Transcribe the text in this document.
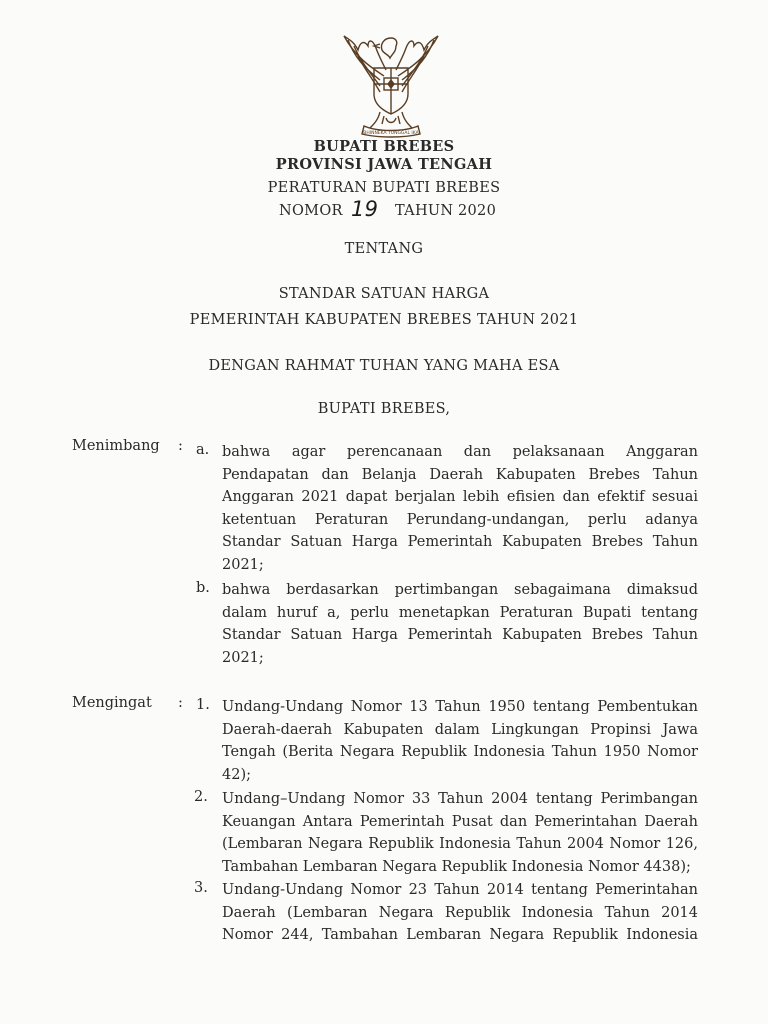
BHINNEKA TUNGGAL IKA
BUPATI BREBES
PROVINSI JAWA TENGAH
PERATURAN BUPATI BREBES
NOMOR 19 TAHUN 2020
TENTANG
STANDAR SATUAN HARGA
PEMERINTAH KABUPATEN BREBES TAHUN 2021
DENGAN RAHMAT TUHAN YANG MAHA ESA
BUPATI BREBES,
Menimbang : a. bahwa agar perencanaan dan pelaksanaan Anggaran
Pendapatan dan Belanja Daerah Kabupaten Brebes Tahun
Anggaran 2021 dapat berjalan lebih efisien dan efektif sesuai
ketentuan Peraturan Perundang-undangan, perlu adanya
Standar Satuan Harga Pemerintah Kabupaten Brebes Tahun
2021;
b. bahwa berdasarkan pertimbangan sebagaimana dimaksud
dalam huruf a, perlu menetapkan Peraturan Bupati tentang
Standar Satuan Harga Pemerintah Kabupaten Brebes Tahun
2021;
Mengingat : 1. Undang-Undang Nomor 13 Tahun 1950 tentang Pembentukan
Daerah-daerah Kabupaten dalam Lingkungan Propinsi Jawa
Tengah (Berita Negara Republik Indonesia Tahun 1950 Nomor
42);
2. Undang–Undang Nomor 33 Tahun 2004 tentang Perimbangan
Keuangan Antara Pemerintah Pusat dan Pemerintahan Daerah
(Lembaran Negara Republik Indonesia Tahun 2004 Nomor 126,
Tambahan Lembaran Negara Republik Indonesia Nomor 4438);
3. Undang-Undang Nomor 23 Tahun 2014 tentang Pemerintahan
Daerah (Lembaran Negara Republik Indonesia Tahun 2014
Nomor 244, Tambahan Lembaran Negara Republik Indonesia
